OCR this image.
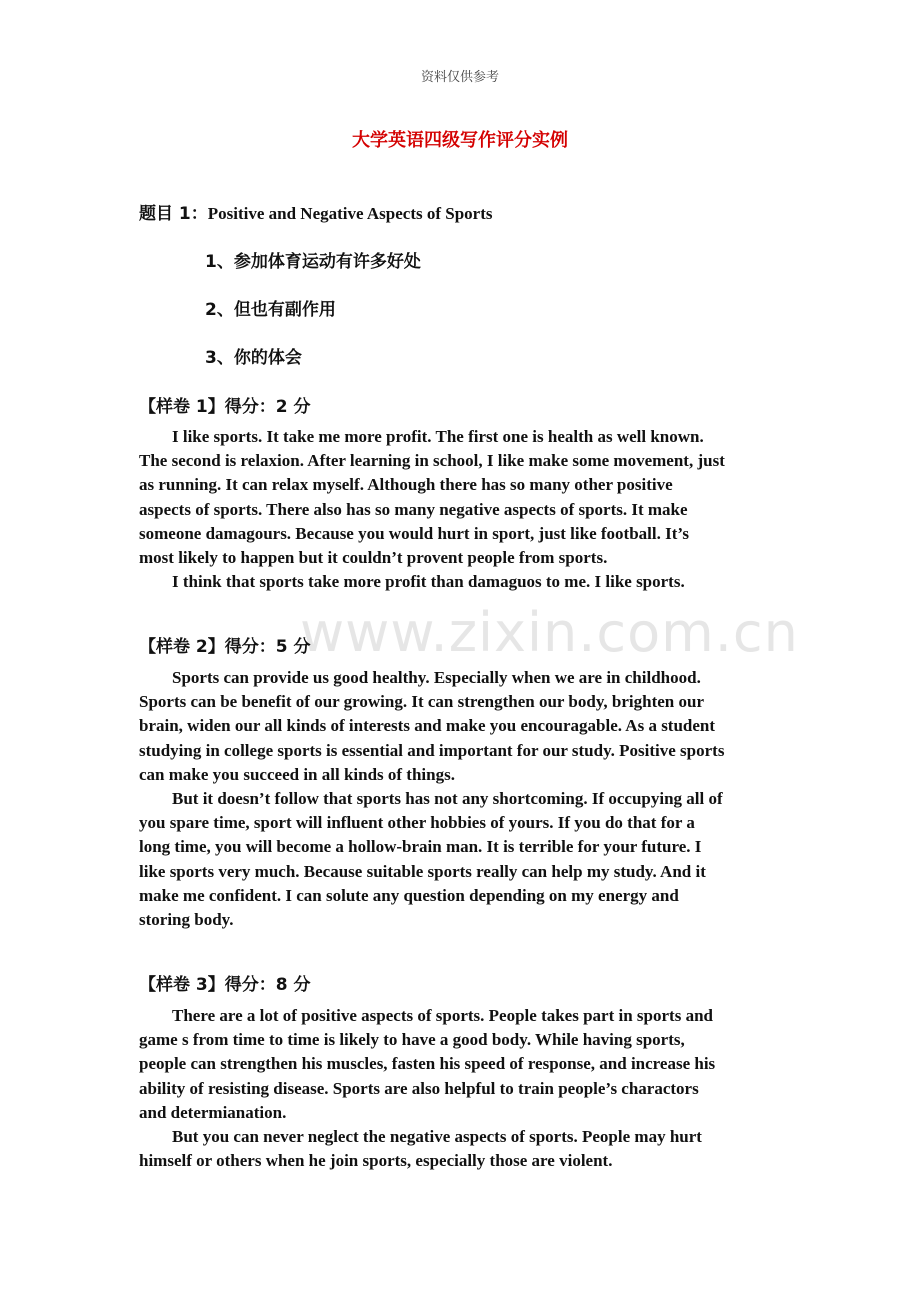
资料仅供参考
大学英语四级写作评分实例
题目 1：Positive and Negative Aspects of Sports
1、参加体育运动有许多好处
2、但也有副作用
3、你的体会
【样卷 1】得分：2 分
I like sports. It take me more profit. The first one is health as well known.
The second is relaxion. After learning in school, I like make some movement, just
as running. It can relax myself. Although there has so many other positive
aspects of sports. There also has so many negative aspects of sports. It make
someone damagours. Because you would hurt in sport, just like football. It’s
most likely to happen but it couldn’t provent people from sports.
I think that sports take more profit than damaguos to me. I like sports.
www.zixin.com.cn
【样卷 2】得分：5 分
Sports can provide us good healthy. Especially when we are in childhood.
Sports can be benefit of our growing. It can strengthen our body, brighten our
brain, widen our all kinds of interests and make you encouragable. As a student
studying in college sports is essential and important for our study. Positive sports
can make you succeed in all kinds of things.
But it doesn’t follow that sports has not any shortcoming. If occupying all of
you spare time, sport will influent other hobbies of yours. If you do that for a
long time, you will become a hollow-brain man. It is terrible for your future. I
like sports very much. Because suitable sports really can help my study. And it
make me confident. I can solute any question depending on my energy and
storing body.
【样卷 3】得分：8 分
There are a lot of positive aspects of sports. People takes part in sports and
game s from time to time is likely to have a good body. While having sports,
people can strengthen his muscles, fasten his speed of response, and increase his
ability of resisting disease. Sports are also helpful to train people’s charactors
and determianation.
But you can never neglect the negative aspects of sports. People may hurt
himself or others when he join sports, especially those are violent.
